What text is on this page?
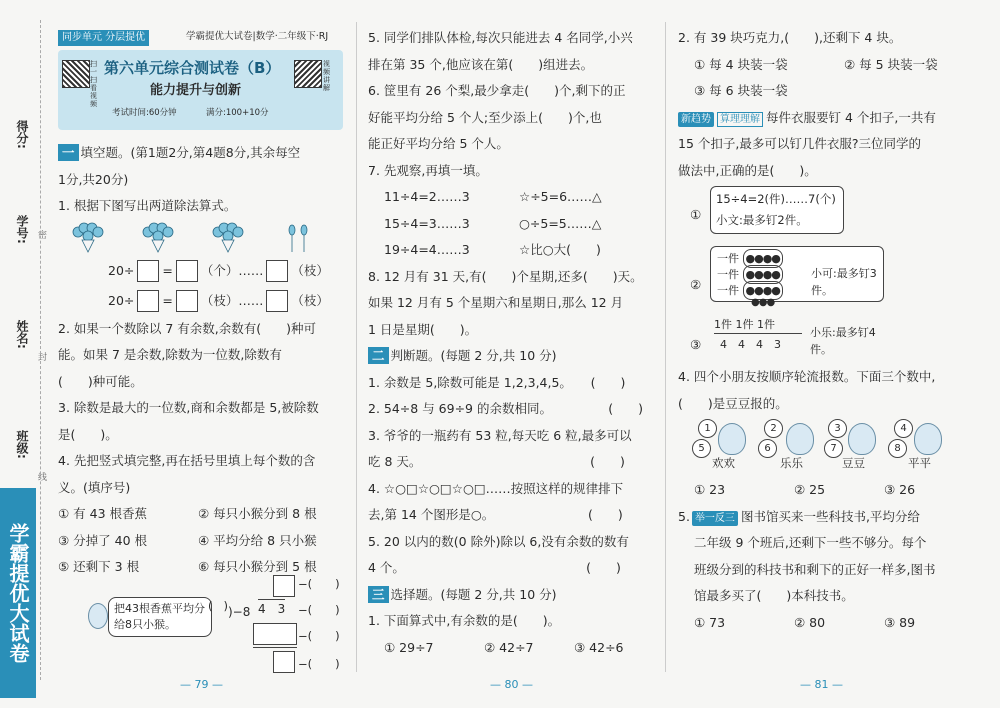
得分:
学号:
姓名:
班级:
密
封
线
学霸提优大试卷
同步单元 分层提优	学霸提优大试卷|数学·二年级下·RJ
扫一扫 看视频
第六单元综合测试卷（B）
能力提升与创新
考试时间:60分钟	满分:100+10分
视频讲解

一 填空题。(第1题2分,第4题8分,其余每空

1分,共20分)

1. 根据下图写出两道除法算式。

20÷ = （个）…… （枝）

20÷ = （枝）…… （枝）

2. 如果一个数除以 7 有余数,余数有(　　)种可

能。如果 7 是余数,除数为一位数,除数有

(　　)种可能。

3. 除数是最大的一位数,商和余数都是 5,被除数

是(　　)。

4. 先把竖式填完整,再在括号里填上每个数的含

义。(填序号)

① 有 43 根香蕉	② 每只小猴分到 8 根

③ 分掉了 40 根	④ 平均分给 8 只小猴

⑤ 还剩下 3 根	⑥ 每只小猴分到 5 根

把43根香蕉平均分给8只小猴。
)−8 4　3
−(　　)
(   )	−(　　)
−(　　)
−(　　)
— 79 —

5. 同学们排队体检,每次只能进去 4 名同学,小兴

排在第 35 个,他应该在第(　　)组进去。

6. 筐里有 26 个梨,最少拿走(　　)个,剩下的正

好能平均分给 5 个人;至少添上(　　)个,也

能正好平均分给 5 个人。

7. 先观察,再填一填。

11÷4=2……3	☆÷5=6……△

15÷4=3……3	○÷5=5……△

19÷4=4……3	☆比○大(　　)

8. 12 月有 31 天,有(　　)个星期,还多(　　)天。

如果 12 月有 5 个星期六和星期日,那么 12 月

1 日是星期(　　)。

二 判断题。(每题 2 分,共 10 分)

1. 余数是 5,除数可能是 1,2,3,4,5。　　(　　)

2. 54÷8 与 69÷9 的余数相同。　　　　　(　　)

3. 爷爷的一瓶药有 53 粒,每天吃 6 粒,最多可以

吃 8 天。　　　　　　　　　　　　　　(　　)

4. ☆○□☆○□☆○□……按照这样的规律排下

去,第 14 个图形是○。　　　　　　　　(　　)

5. 20 以内的数(0 除外)除以 6,没有余数的数有

4 个。　　　　　　　　　　　　　　　(　　)

三 选择题。(每题 2 分,共 10 分)

1. 下面算式中,有余数的是(　　)。

① 29÷7	② 42÷7	③ 42÷6

— 80 —

2. 有 39 块巧克力,(　　),还剩下 4 块。

① 每 4 块装一袋	② 每 5 块装一袋

③ 每 6 块装一袋

新趋势 算理理解 每件衣服要钉 4 个扣子,一共有

15 个扣子,最多可以钉几件衣服?三位同学的

做法中,正确的是(　　)。

①
15÷4=2(件)……7(个)
小文:最多钉2件。
②
一件 ●●●●
一件 ●●●●
一件 ●●●●
●●●
小可:最多钉3件。
③
1件 1件 1件
4　4　4　3
小乐:最多钉4件。

4. 四个小朋友按顺序轮流报数。下面三个数中,

(　　)是豆豆报的。

1
5
欢欢
2
6
乐乐
3
7
豆豆
4
8
平平

① 23	② 25	③ 26

5. 举一反三 图书馆买来一些科技书,平均分给

二年级 9 个班后,还剩下一些不够分。每个

班级分到的科技书和剩下的正好一样多,图书

馆最多买了(　　)本科技书。

① 73	② 80	③ 89

— 81 —
